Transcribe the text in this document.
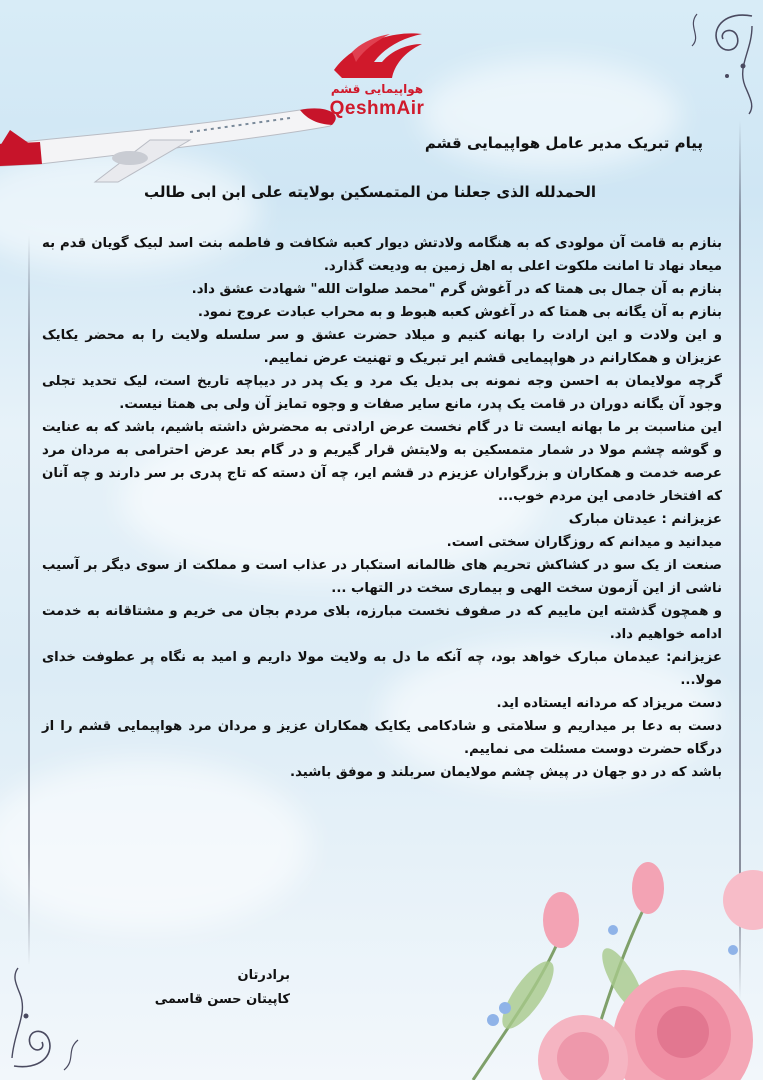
هواپیمایی قشم
QeshmAir
پیام تبریک مدیر عامل هواپیمایی قشم
الحمدلله الذی جعلنا من المتمسکین بولایته علی ابن ابی طالب

بنازم به قامت آن مولودی که به هنگامه ولادتش دیوار کعبه شکافت و فاطمه بنت اسد لبیک گویان قدم به میعاد نهاد تا امانت ملکوت اعلی به اهل زمین به ودیعت گذارد.

بنازم به آن جمال بی همتا که در آغوش گرم "محمد صلوات الله" شهادت عشق داد.

بنازم به آن یگانه بی همتا که در آغوش کعبه هبوط و به محراب عبادت عروج نمود.

و این ولادت و این ارادت را بهانه کنیم و میلاد حضرت عشق و سر سلسله ولایت را به محضر یکایک عزیزان و همکارانم در هواپیمایی قشم ایر تبریک و تهنیت عرض نماییم.

گرچه مولایمان به احسن وجه نمونه بی بدیل یک مرد و یک پدر در دیباچه تاریخ است، لیک تحدید تجلی وجود آن یگانه دوران در قامت یک پدر، مانع سایر صفات و وجوه تمایز آن ولی بی همتا نیست.

این مناسبت بر ما بهانه ایست تا در گام نخست عرض ارادتی به محضرش داشته باشیم، باشد که به عنایت و گوشه چشم مولا در شمار متمسکین به ولایتش قرار گیریم و در گام بعد عرض احترامی به مردان مرد عرصه خدمت و همکاران و بزرگواران عزیزم در قشم ایر، چه آن دسته که تاج پدری بر سر دارند و چه آنان که افتخار خادمی این مردم خوب...

عزیزانم : عیدتان مبارک

میدانید و میدانم که روزگاران سختی است.

صنعت از یک سو در کشاکش تحریم های ظالمانه استکبار در عذاب است و مملکت از سوی دیگر بر آسیب ناشی از این آزمون سخت الهی و بیماری سخت در التهاب ...

و همچون گذشته این ماییم که در صفوف نخست مبارزه، بلای مردم بجان می خریم و مشتاقانه به خدمت ادامه خواهیم داد.

عزیزانم: عیدمان مبارک خواهد بود، چه آنکه ما دل به ولایت مولا داریم و امید به نگاه پر عطوفت خدای مولا...

دست مریزاد که مردانه ایستاده اید.

دست به دعا بر میداریم و سلامتی و شادکامی یکایک همکاران عزیز و مردان مرد هواپیمایی قشم را از درگاه حضرت دوست مسئلت می نماییم.

باشد که در دو جهان در پیش چشم مولایمان سربلند و موفق باشید.

برادرتان
کاپیتان حسن قاسمی
